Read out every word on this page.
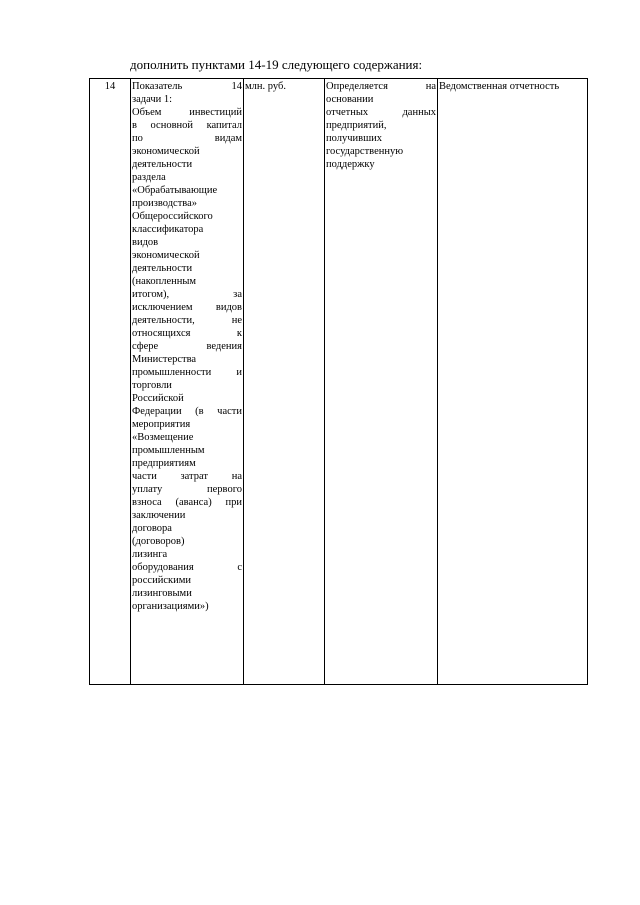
дополнить пунктами 14-19 следующего содержания:
14	Показатель 14
задачи 1:
Объем инвестиций
в основной капитал
по видам
экономической
деятельности
раздела
«Обрабатывающие
производства»
Общероссийского
классификатора
видов
экономической
деятельности
(накопленным
итогом), за
исключением видов
деятельности, не
относящихся к
сфере ведения
Министерства
промышленности и
торговли
Российской
Федерации (в части
мероприятия
«Возмещение
промышленным
предприятиям
части затрат на
уплату первого
взноса (аванса) при
заключении
договора
(договоров)
лизинга
оборудования с
российскими
лизинговыми
организациями»)
	млн. руб.	Определяется на
основании
отчетных данных
предприятий,
получивших
государственную
поддержку
	Ведомственная отчетность
